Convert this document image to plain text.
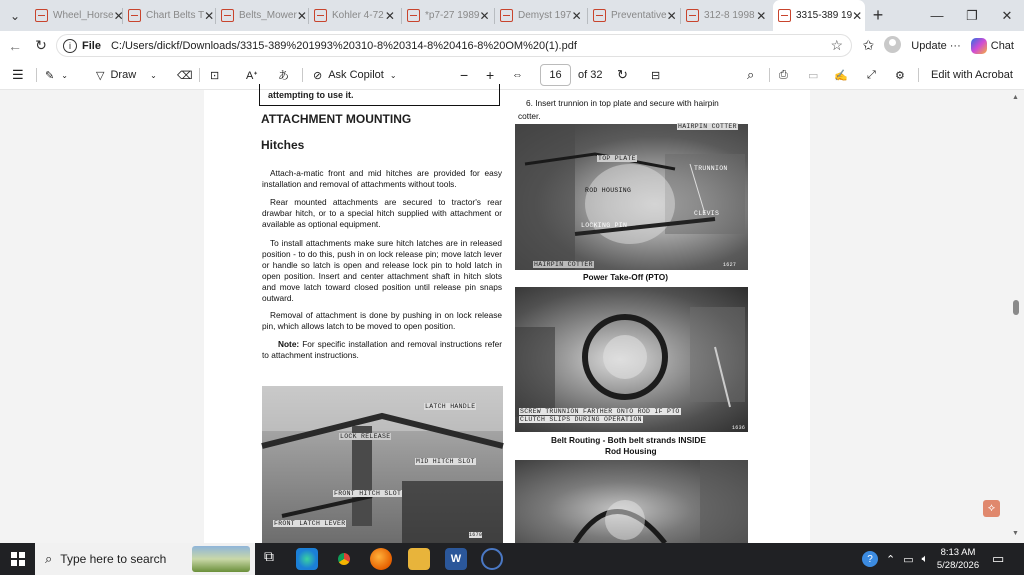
⌄	Wheel_Horse ✕ Chart Belts T ✕ Belts_Mower ✕	Kohler 4-72 ✕	*p7-27 1989 ✕	Demyst 197 ✕	Preventative ✕	312-8 1998 ✕	3315-389 19 ✕ +	— ❐ ✕
← ↻	i	File C:/Users/dickf/Downloads/3315-389%201993%20310-8%20314-8%20416-8%20OM%20(1).pdf	☆ ✩	Update ···	Chat
☰ ✎ ⌄	▽ Draw ⌄ ⌫ ⊡ Aᐩ あ ⊘ Ask Copilot ⌄	− + ⇔ 16 of 32 ↻ ⊟	⌕ ⎙ ▭ ✍ ⤢ ⚙ Edit with Acrobat
attempting to use it.
ATTACHMENT MOUNTING
Hitches
Attach-a-matic front and mid hitches are provided for easy installation and removal of attachments without tools.
Rear mounted attachments are secured to tractor's rear drawbar hitch, or to a special hitch supplied with attachment or available as optional equipment.
To install attachments make sure hitch latches are in released position - to do this, push in on lock release pin; move latch lever or handle so latch is open and release lock pin to hold latch in open position. Insert and center attachment shaft in hitch slots and move latch toward closed position until release pin snaps outward.
Removal of attachment is done by pushing in on lock release pin, which allows latch to be moved to open position.
Note: For specific installation and removal instructions refer to attachment instructions.
6. Insert trunnion in top plate and secure with hairpin
cotter.
HAIRPIN COTTER
TOP PLATE
TRUNNION
ROD HOUSING
CLEVIS
LOCKING PIN
HAIRPIN COTTER	1627
Power Take-Off (PTO)
SCREW TRUNNION FARTHER ONTO ROD IF PTO
CLUTCH SLIPS DURING OPERATION
1636
Belt Routing - Both belt strands INSIDE
Rod Housing
LATCH HANDLE
LOCK RELEASE
MID HITCH SLOT
FRONT HITCH SLOT
FRONT LATCH LEVER
1670
▲
▼
⟡
⌕ Type here to search	⧉	W	?	⌃ ▭ 🔈︎	8:13 AM
5/28/2026 ▭
